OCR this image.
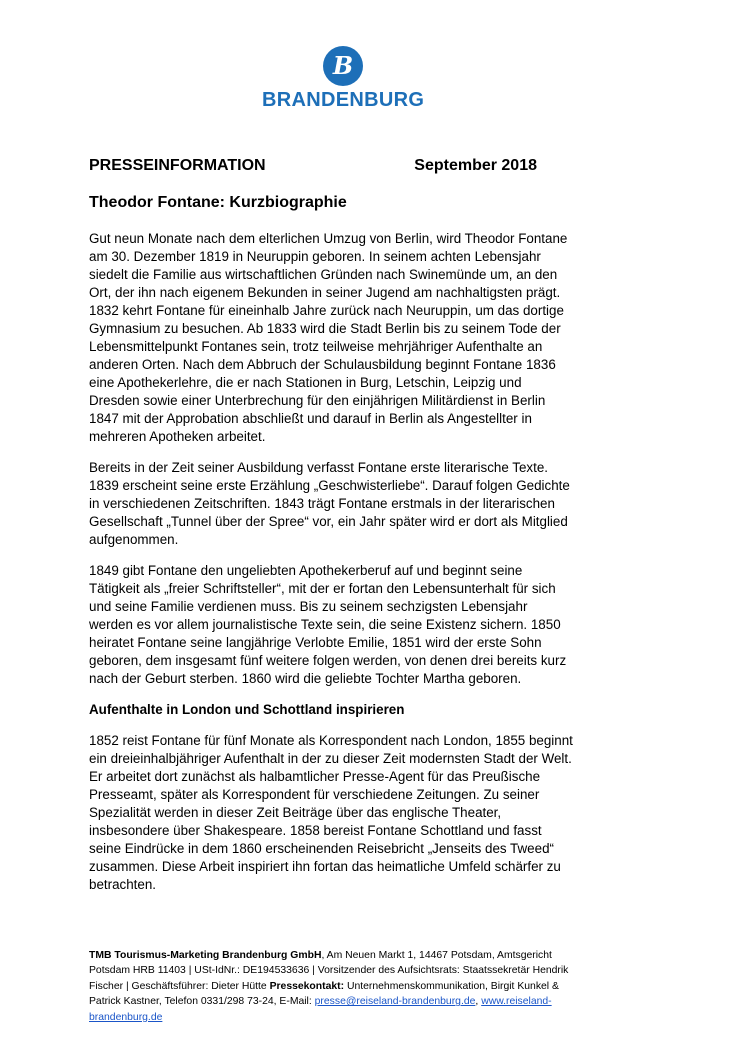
B
BRANDENBURG
PRESSEINFORMATION	September 2018
Theodor Fontane: Kurzbiographie

Gut neun Monate nach dem elterlichen Umzug von Berlin, wird Theodor Fontane am 30. Dezember 1819 in Neuruppin geboren. In seinem achten Lebensjahr siedelt die Familie aus wirtschaftlichen Gründen nach Swinemünde um, an den Ort, der ihn nach eigenem Bekunden in seiner Jugend am nachhaltigsten prägt. 1832 kehrt Fontane für eineinhalb Jahre zurück nach Neuruppin, um das dortige Gymnasium zu besuchen. Ab 1833 wird die Stadt Berlin bis zu seinem Tode der Lebensmittelpunkt Fontanes sein, trotz teilweise mehrjähriger Aufenthalte an anderen Orten. Nach dem Abbruch der Schulausbildung beginnt Fontane 1836 eine Apothekerlehre, die er nach Stationen in Burg, Letschin, Leipzig und Dresden sowie einer Unterbrechung für den einjährigen Militärdienst in Berlin 1847 mit der Approbation abschließt und darauf in Berlin als Angestellter in mehreren Apotheken arbeitet.

Bereits in der Zeit seiner Ausbildung verfasst Fontane erste literarische Texte. 1839 erscheint seine erste Erzählung „Geschwisterliebe“. Darauf folgen Gedichte in verschiedenen Zeitschriften. 1843 trägt Fontane erstmals in der literarischen Gesellschaft „Tunnel über der Spree“ vor, ein Jahr später wird er dort als Mitglied aufgenommen.

1849 gibt Fontane den ungeliebten Apothekerberuf auf und beginnt seine Tätigkeit als „freier Schriftsteller“, mit der er fortan den Lebensunterhalt für sich und seine Familie verdienen muss. Bis zu seinem sechzigsten Lebensjahr werden es vor allem journalistische Texte sein, die seine Existenz sichern. 1850 heiratet Fontane seine langjährige Verlobte Emilie, 1851 wird der erste Sohn geboren, dem insgesamt fünf weitere folgen werden, von denen drei bereits kurz nach der Geburt sterben. 1860 wird die geliebte Tochter Martha geboren.

Aufenthalte in London und Schottland inspirieren

1852 reist Fontane für fünf Monate als Korrespondent nach London, 1855 beginnt ein dreieinhalbjähriger Aufenthalt in der zu dieser Zeit modernsten Stadt der Welt. Er arbeitet dort zunächst als halbamtlicher Presse-Agent für das Preußische Presseamt, später als Korrespondent für verschiedene Zeitungen. Zu seiner Spezialität werden in dieser Zeit Beiträge über das englische Theater, insbesondere über Shakespeare. 1858 bereist Fontane Schottland und fasst seine Eindrücke in dem 1860 erscheinenden Reisebricht „Jenseits des Tweed“ zusammen. Diese Arbeit inspiriert ihn fortan das heimatliche Umfeld schärfer zu betrachten.

TMB Tourismus-Marketing Brandenburg GmbH, Am Neuen Markt 1, 14467 Potsdam, Amtsgericht Potsdam HRB 11403 | USt-IdNr.: DE194533636 | Vorsitzender des Aufsichtsrats: Staatssekretär Hendrik Fischer | Geschäftsführer: Dieter Hütte Pressekontakt: Unternehmenskommunikation, Birgit Kunkel & Patrick Kastner, Telefon 0331/298 73-24, E-Mail: presse@reiseland-brandenburg.de, www.reiseland-brandenburg.de
